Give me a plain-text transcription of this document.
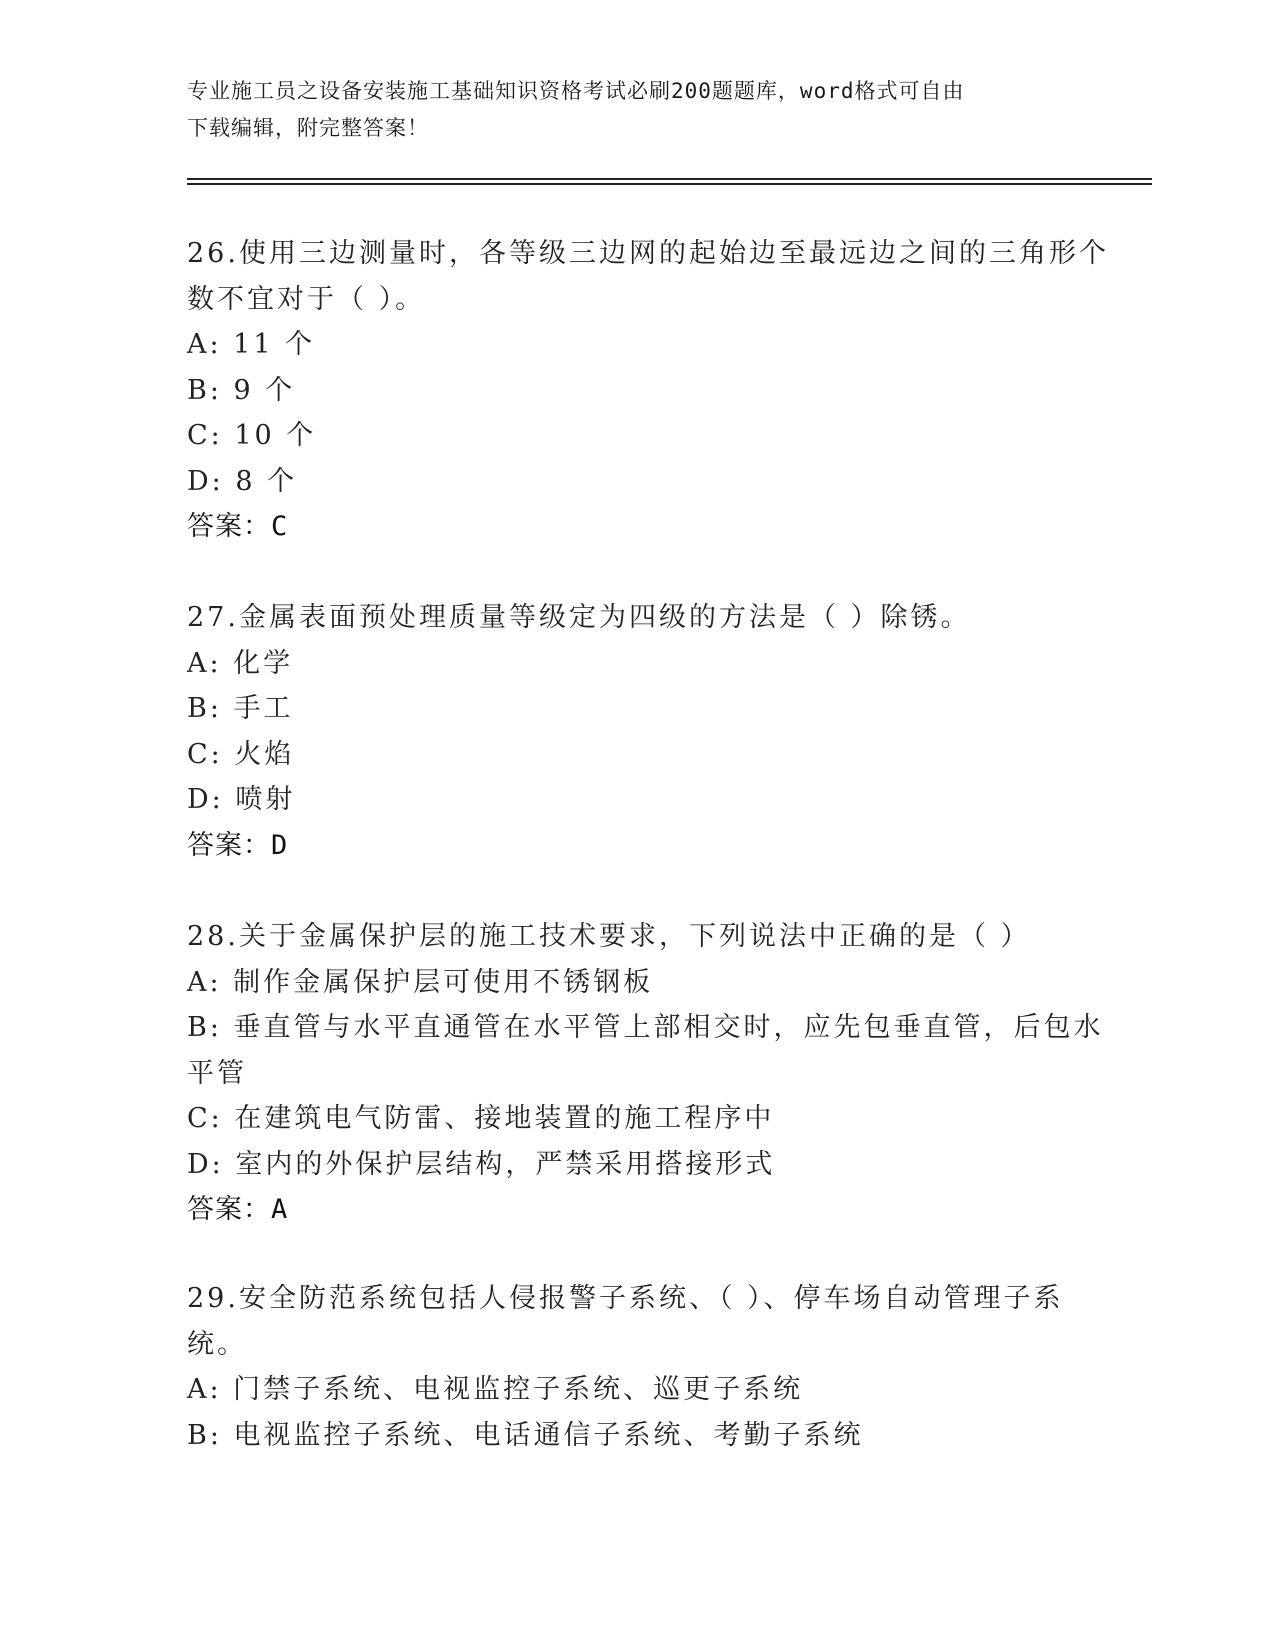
专业施工员之设备安装施工基础知识资格考试必刷200题题库，word格式可自由
下载编辑，附完整答案！
26.使用三边测量时，各等级三边网的起始边至最远边之间的三角形个
数不宜对于（ ）。
A: 11 个
B: 9 个
C: 10 个
D: 8 个
答案：C
27.金属表面预处理质量等级定为四级的方法是（ ）除锈。
A: 化学
B: 手工
C: 火焰
D: 喷射
答案：D
28.关于金属保护层的施工技术要求，下列说法中正确的是（ ）
A: 制作金属保护层可使用不锈钢板
B: 垂直管与水平直通管在水平管上部相交时，应先包垂直管，后包水
平管
C: 在建筑电气防雷、接地装置的施工程序中
D: 室内的外保护层结构，严禁采用搭接形式
答案：A
29.安全防范系统包括人侵报警子系统、（ ）、停车场自动管理子系
统。
A: 门禁子系统、电视监控子系统、巡更子系统
B: 电视监控子系统、电话通信子系统、考勤子系统
